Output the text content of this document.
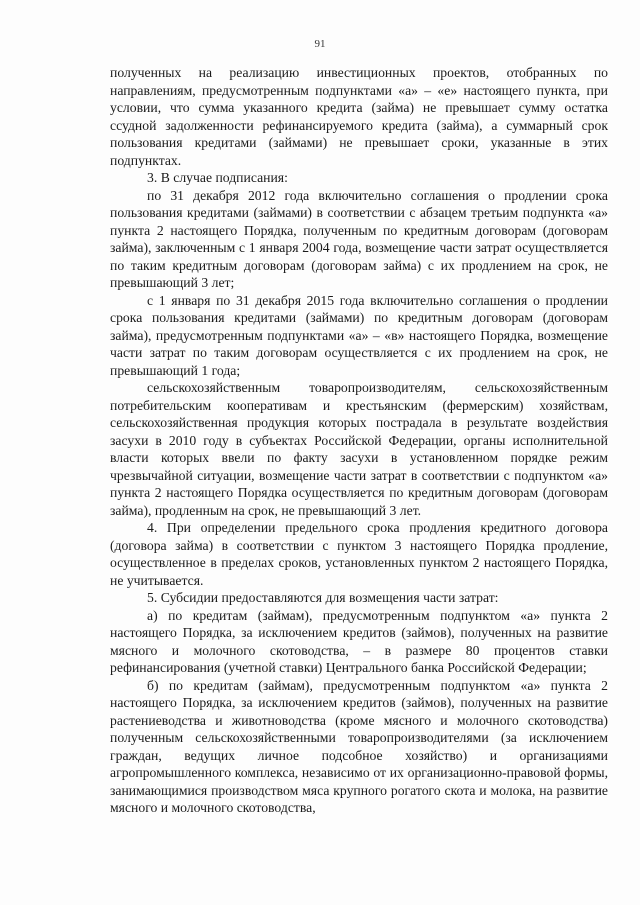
91

полученных на реализацию инвестиционных проектов, отобранных по направлениям, предусмотренным подпунктами «а» – «е» настоящего пункта, при условии, что сумма указанного кредита (займа) не превышает сумму остатка ссудной задолженности рефинансируемого кредита (займа), а суммарный срок пользования кредитами (займами) не превышает сроки, указанные в этих подпунктах.

3. В случае подписания:

по 31 декабря 2012 года включительно соглашения о продлении срока пользования кредитами (займами) в соответствии с абзацем третьим подпункта «а» пункта 2 настоящего Порядка, полученным по кредитным договорам (договорам займа), заключенным с 1 января 2004 года, возмещение части затрат осуществляется по таким кредитным договорам (договорам займа) с их продлением на срок, не превышающий 3 лет;

с 1 января по 31 декабря 2015 года включительно соглашения о продлении срока пользования кредитами (займами) по кредитным договорам (договорам займа), предусмотренным подпунктами «а» – «в» настоящего Порядка, возмещение части затрат по таким договорам осуществляется с их продлением на срок, не превышающий 1 года;

сельскохозяйственным товаропроизводителям, сельскохозяйственным потребительским кооперативам и крестьянским (фермерским) хозяйствам, сельскохозяйственная продукция которых пострадала в результате воздействия засухи в 2010 году в субъектах Российской Федерации, органы исполнительной власти которых ввели по факту засухи в установленном порядке режим чрезвычайной ситуации, возмещение части затрат в соответствии с подпунктом «а» пункта 2 настоящего Порядка осуществляется по кредитным договорам (договорам займа), продленным на срок, не превышающий 3 лет.

4. При определении предельного срока продления кредитного договора (договора займа) в соответствии с пунктом 3 настоящего Порядка продление, осуществленное в пределах сроков, установленных пунктом 2 настоящего Порядка, не учитывается.

5. Субсидии предоставляются для возмещения части затрат:

а) по кредитам (займам), предусмотренным подпунктом «а» пункта 2 настоящего Порядка, за исключением кредитов (займов), полученных на развитие мясного и молочного скотоводства, – в размере 80 процентов ставки рефинансирования (учетной ставки) Центрального банка Российской Федерации;

б) по кредитам (займам), предусмотренным подпунктом «а» пункта 2 настоящего Порядка, за исключением кредитов (займов), полученных на развитие растениеводства и животноводства (кроме мясного и молочного скотоводства) полученным сельскохозяйственными товаропроизводителями (за исключением граждан, ведущих личное подсобное хозяйство) и организациями агропромышленного комплекса, независимо от их организационно-правовой формы, занимающимися производством мяса крупного рогатого скота и молока, на развитие мясного и молочного скотоводства,
